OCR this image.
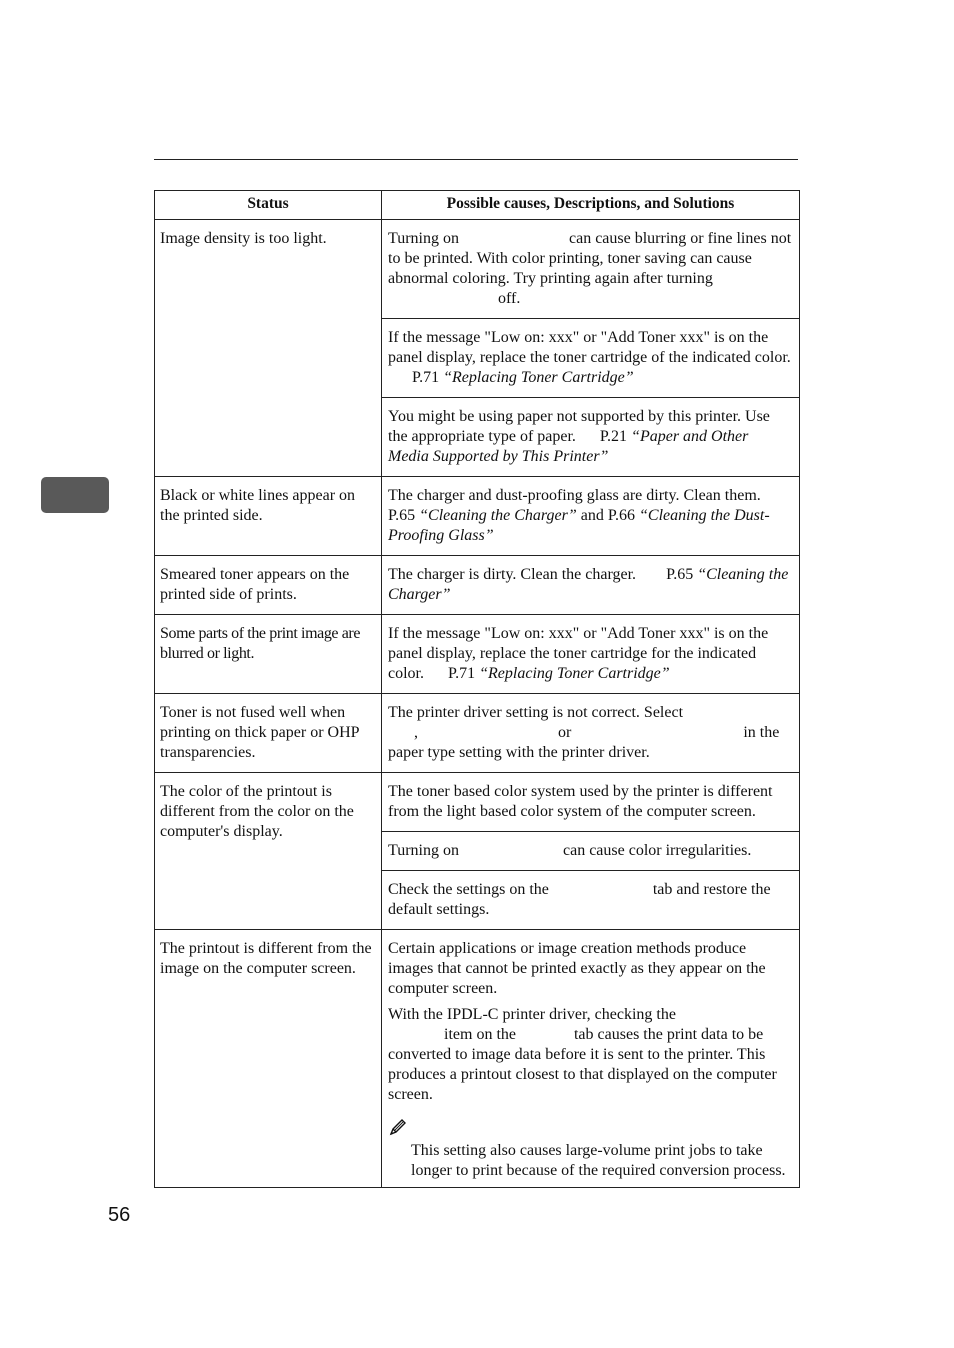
Status	Possible causes, Descriptions, and Solutions
Image density is too light.	Turning on can cause blurring or fine lines not to be printed. With color printing, toner saving can cause abnormal coloring. Try printing again after turningoff.
	If the message "Low on: xxx" or "Add Toner xxx" is on the panel display, replace the toner cartridge of the indicated color.P.71 “Replacing Toner Cartridge”
	You might be using paper not supported by this printer. Use the appropriate type of paper. P.21 “Paper and Other Media Supported by This Printer”
Black or white lines appear on the printed side.	The charger and dust-proofing glass are dirty. Clean them.P.65 “Cleaning the Charger” and P.66 “Cleaning the Dust-Proofing Glass”
Smeared toner appears on the printed side of prints.	The charger is dirty. Clean the charger. P.65 “Cleaning the Charger”
Some parts of the print image are blurred or light.	If the message "Low on: xxx" or "Add Toner xxx" is on the panel display, replace the toner cartridge for the indicated color. P.71 “Replacing Toner Cartridge”
Toner is not fused well when printing on thick paper or OHP transparencies.	The printer driver setting is not correct. Select
, or in the paper type setting with the printer driver.
The color of the printout is different from the color on the computer's display.	The toner based color system used by the printer is different from the light based color system of the computer screen.
	Turning on can cause color irregularities.
	Check the settings on the tab and restore the default settings.
The printout is different from the image on the computer screen.	Certain applications or image creation methods produce images that cannot be printed exactly as they appear on the computer screen.

With the IPDL-C printer driver, checking the
item on the tab causes the print data to be converted to image data before it is sent to the printer. This produces a printout closest to that displayed on the computer screen.

This setting also causes large-volume print jobs to take longer to print because of the required conversion process.
56
